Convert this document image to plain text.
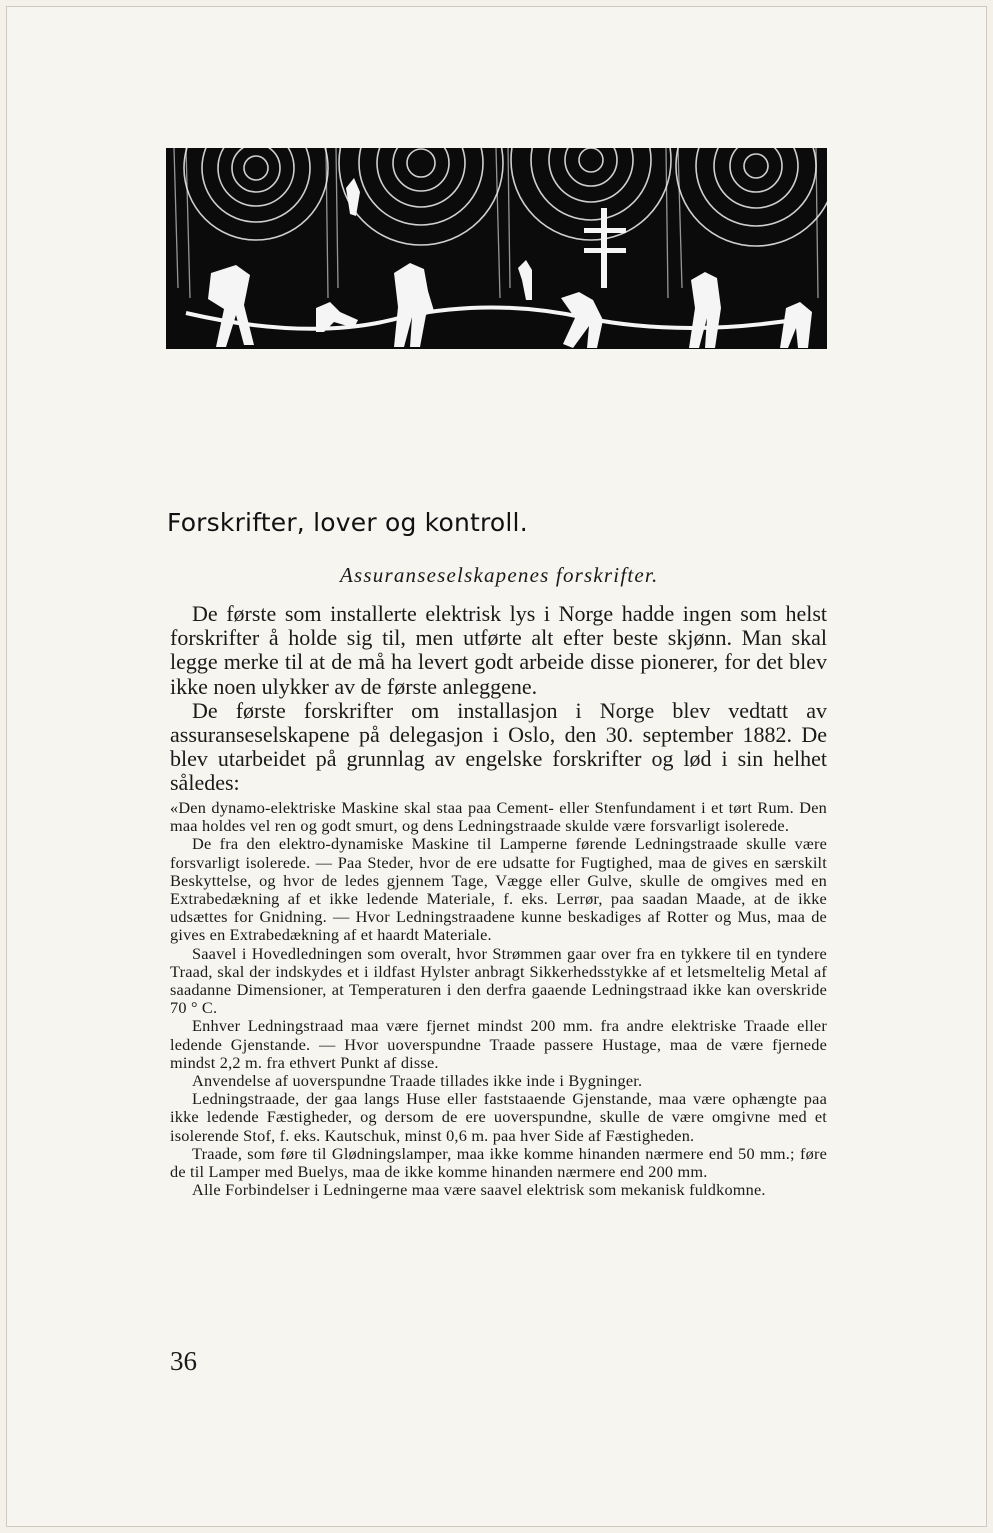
Forskrifter, lover og kontroll.
Assuranseselskapenes forskrifter.

De første som installerte elektrisk lys i Norge hadde ingen som helst forskrifter å holde sig til, men utførte alt efter beste skjønn. Man skal legge merke til at de må ha levert godt arbeide disse pionerer, for det blev ikke noen ulykker av de første anleggene.

De første forskrifter om installasjon i Norge blev vedtatt av assuranseselskapene på delegasjon i Oslo, den 30. september 1882. De blev utarbeidet på grunnlag av engelske forskrifter og lød i sin helhet således:

«Den dynamo-elektriske Maskine skal staa paa Cement- eller Stenfundament i et tørt Rum. Den maa holdes vel ren og godt smurt, og dens Ledningstraade skulde være forsvarligt isolerede.

De fra den elektro-dynamiske Maskine til Lamperne førende Ledningstraade skulle være forsvarligt isolerede. — Paa Steder, hvor de ere udsatte for Fugtighed, maa de gives en særskilt Beskyttelse, og hvor de ledes gjennem Tage, Vægge eller Gulve, skulle de omgives med en Extrabedækning af et ikke ledende Materiale, f. eks. Lerrør, paa saadan Maade, at de ikke udsættes for Gnidning. — Hvor Ledningstraadene kunne beskadiges af Rotter og Mus, maa de gives en Extrabedækning af et haardt Materiale.

Saavel i Hovedledningen som overalt, hvor Strømmen gaar over fra en tykkere til en tyndere Traad, skal der indskydes et i ildfast Hylster anbragt Sikkerhedsstykke af et letsmeltelig Metal af saadanne Dimensioner, at Temperaturen i den derfra gaaende Ledningstraad ikke kan overskride 70 ° C.

Enhver Ledningstraad maa være fjernet mindst 200 mm. fra andre elektriske Traade eller ledende Gjenstande. — Hvor uoverspundne Traade passere Hustage, maa de være fjernede mindst 2,2 m. fra ethvert Punkt af disse.

Anvendelse af uoverspundne Traade tillades ikke inde i Bygninger.

Ledningstraade, der gaa langs Huse eller faststaaende Gjenstande, maa være ophængte paa ikke ledende Fæstigheder, og dersom de ere uoverspundne, skulle de være omgivne med et isolerende Stof, f. eks. Kautschuk, minst 0,6 m. paa hver Side af Fæstigheden.

Traade, som føre til Glødningslamper, maa ikke komme hinanden nærmere end 50 mm.; føre de til Lamper med Buelys, maa de ikke komme hinanden nærmere end 200 mm.

Alle Forbindelser i Ledningerne maa være saavel elektrisk som mekanisk fuldkomne.

36
